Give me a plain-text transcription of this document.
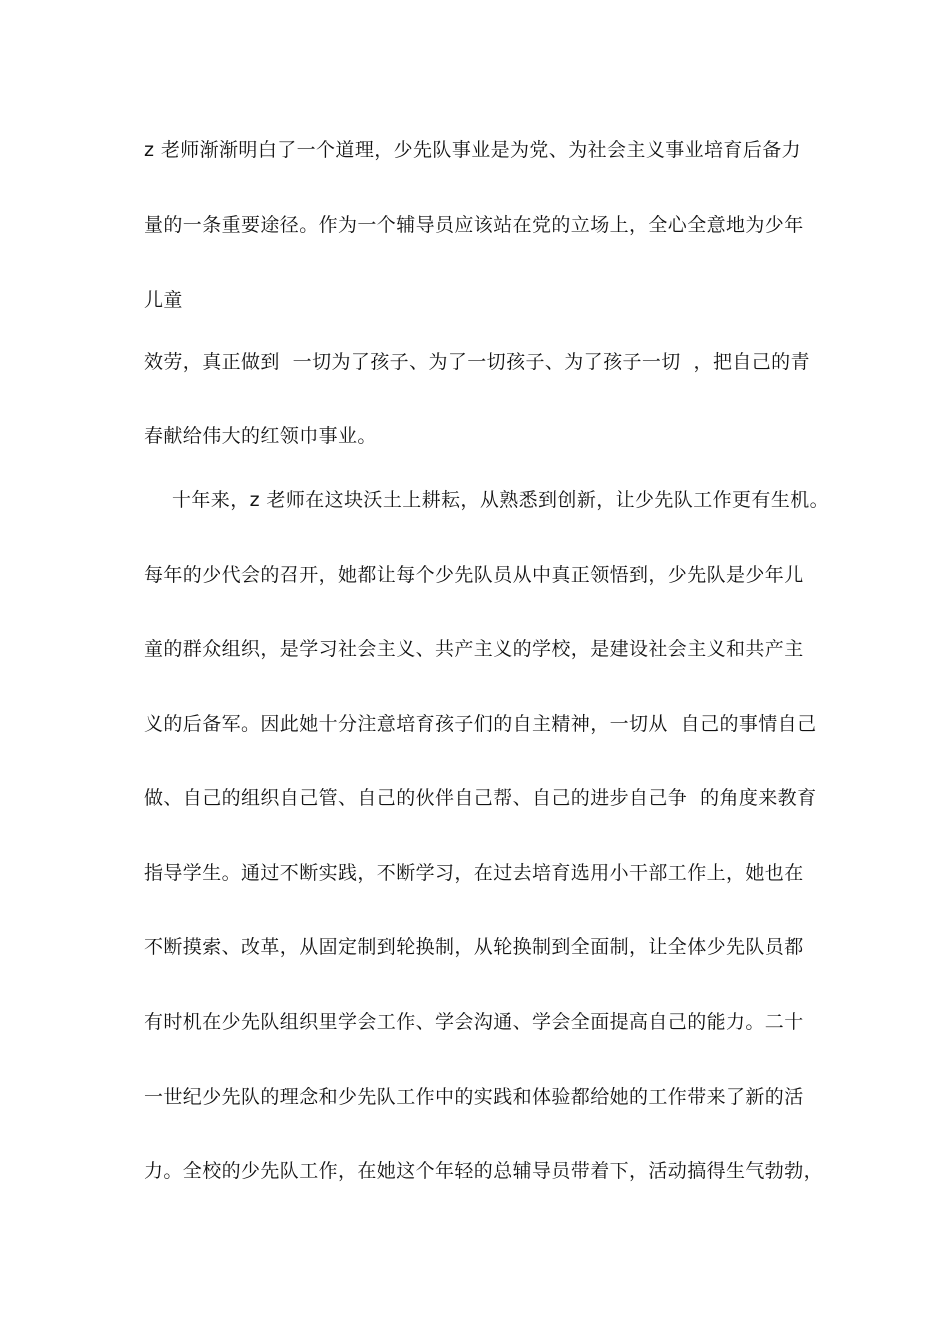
z 老师渐渐明白了一个道理，少先队事业是为党、为社会主义事业培育后备力
量的一条重要途径。作为一个辅导员应该站在党的立场上，全心全意地为少年
儿童
效劳，真正做到  一切为了孩子、为了一切孩子、为了孩子一切  ，把自己的青
春献给伟大的红领巾事业。
十年来，z 老师在这块沃土上耕耘，从熟悉到创新，让少先队工作更有生机。
每年的少代会的召开，她都让每个少先队员从中真正领悟到，少先队是少年儿
童的群众组织，是学习社会主义、共产主义的学校，是建设社会主义和共产主
义的后备军。因此她十分注意培育孩子们的自主精神，一切从  自己的事情自己
做、自己的组织自己管、自己的伙伴自己帮、自己的进步自己争  的角度来教育
指导学生。通过不断实践，不断学习，在过去培育选用小干部工作上，她也在
不断摸索、改革，从固定制到轮换制，从轮换制到全面制，让全体少先队员都
有时机在少先队组织里学会工作、学会沟通、学会全面提高自己的能力。二十
一世纪少先队的理念和少先队工作中的实践和体验都给她的工作带来了新的活
力。全校的少先队工作，在她这个年轻的总辅导员带着下，活动搞得生气勃勃，
